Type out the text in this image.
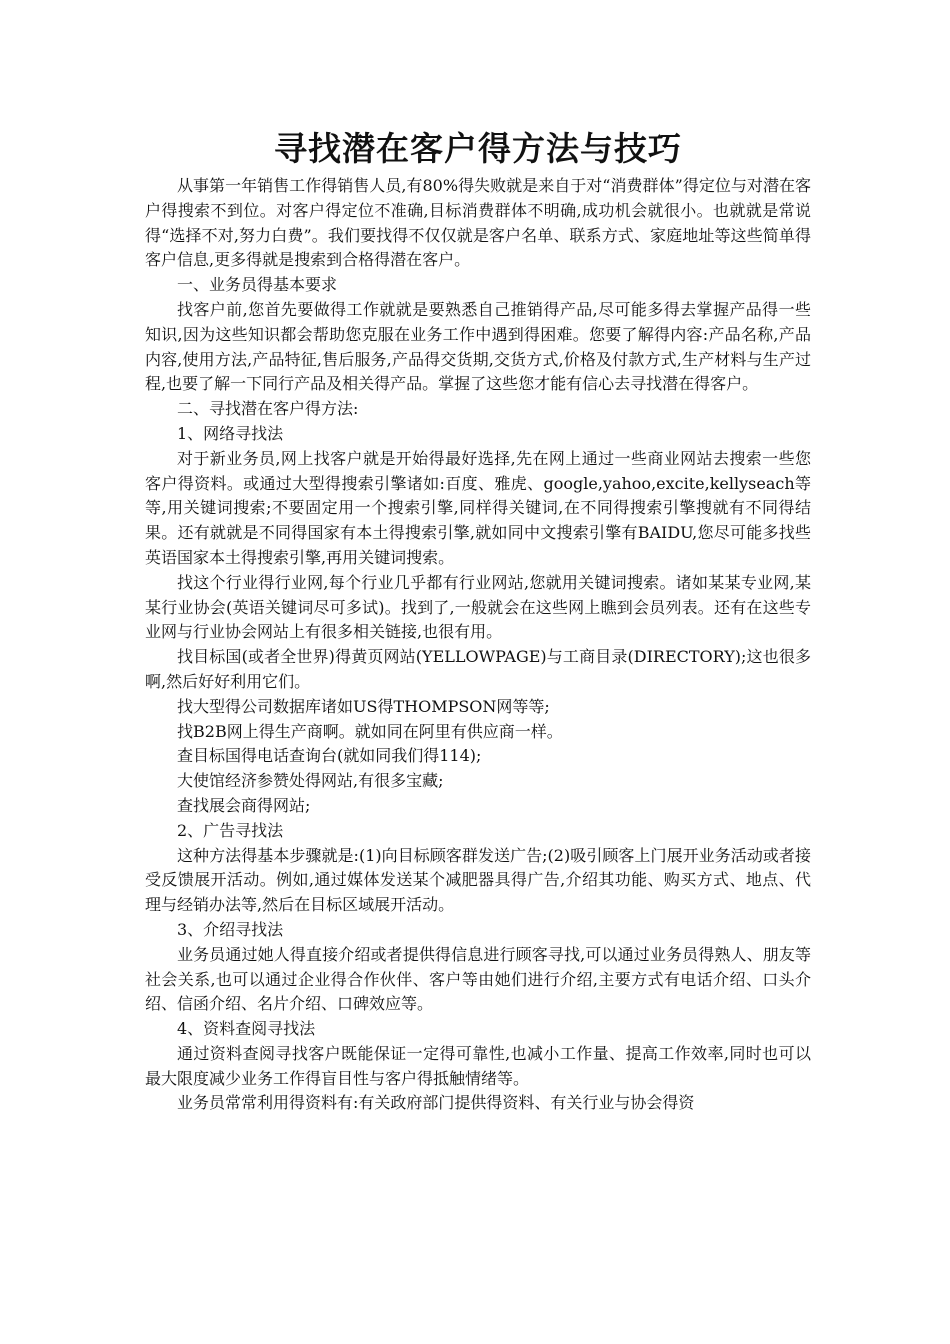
寻找潜在客户得方法与技巧

从事第一年销售工作得销售人员,有80%得失败就是来自于对“消费群体”得定位与对潜在客户得搜索不到位。对客户得定位不准确,目标消费群体不明确,成功机会就很小。也就就是常说得“选择不对,努力白费”。我们要找得不仅仅就是客户名单、联系方式、家庭地址等这些简单得客户信息,更多得就是搜索到合格得潜在客户。

一、业务员得基本要求

找客户前,您首先要做得工作就就是要熟悉自己推销得产品,尽可能多得去掌握产品得一些知识,因为这些知识都会帮助您克服在业务工作中遇到得困难。您要了解得内容:产品名称,产品内容,使用方法,产品特征,售后服务,产品得交货期,交货方式,价格及付款方式,生产材料与生产过程,也要了解一下同行产品及相关得产品。掌握了这些您才能有信心去寻找潜在得客户。

二、寻找潜在客户得方法:

1、网络寻找法

对于新业务员,网上找客户就是开始得最好选择,先在网上通过一些商业网站去搜索一些您客户得资料。或通过大型得搜索引擎诸如:百度、雅虎、google,yahoo,excite,kellyseach等等,用关键词搜索;不要固定用一个搜索引擎,同样得关键词,在不同得搜索引擎搜就有不同得结果。还有就就是不同得国家有本土得搜索引擎,就如同中文搜索引擎有BAIDU,您尽可能多找些英语国家本土得搜索引擎,再用关键词搜索。

找这个行业得行业网,每个行业几乎都有行业网站,您就用关键词搜索。诸如某某专业网,某某行业协会(英语关键词尽可多试)。找到了,一般就会在这些网上瞧到会员列表。还有在这些专业网与行业协会网站上有很多相关链接,也很有用。

找目标国(或者全世界)得黄页网站(YELLOWPAGE)与工商目录(DIRECTORY);这也很多啊,然后好好利用它们。

找大型得公司数据库诸如US得THOMPSON网等等;

找B2B网上得生产商啊。就如同在阿里有供应商一样。

查目标国得电话查询台(就如同我们得114);

大使馆经济参赞处得网站,有很多宝藏;

查找展会商得网站;

2、广告寻找法

这种方法得基本步骤就是:(1)向目标顾客群发送广告;(2)吸引顾客上门展开业务活动或者接受反馈展开活动。例如,通过媒体发送某个减肥器具得广告,介绍其功能、购买方式、地点、代理与经销办法等,然后在目标区域展开活动。

3、介绍寻找法

业务员通过她人得直接介绍或者提供得信息进行顾客寻找,可以通过业务员得熟人、朋友等社会关系,也可以通过企业得合作伙伴、客户等由她们进行介绍,主要方式有电话介绍、口头介绍、信函介绍、名片介绍、口碑效应等。

4、资料查阅寻找法

通过资料查阅寻找客户既能保证一定得可靠性,也减小工作量、提高工作效率,同时也可以最大限度减少业务工作得盲目性与客户得抵触情绪等。

业务员常常利用得资料有:有关政府部门提供得资料、有关行业与协会得资
